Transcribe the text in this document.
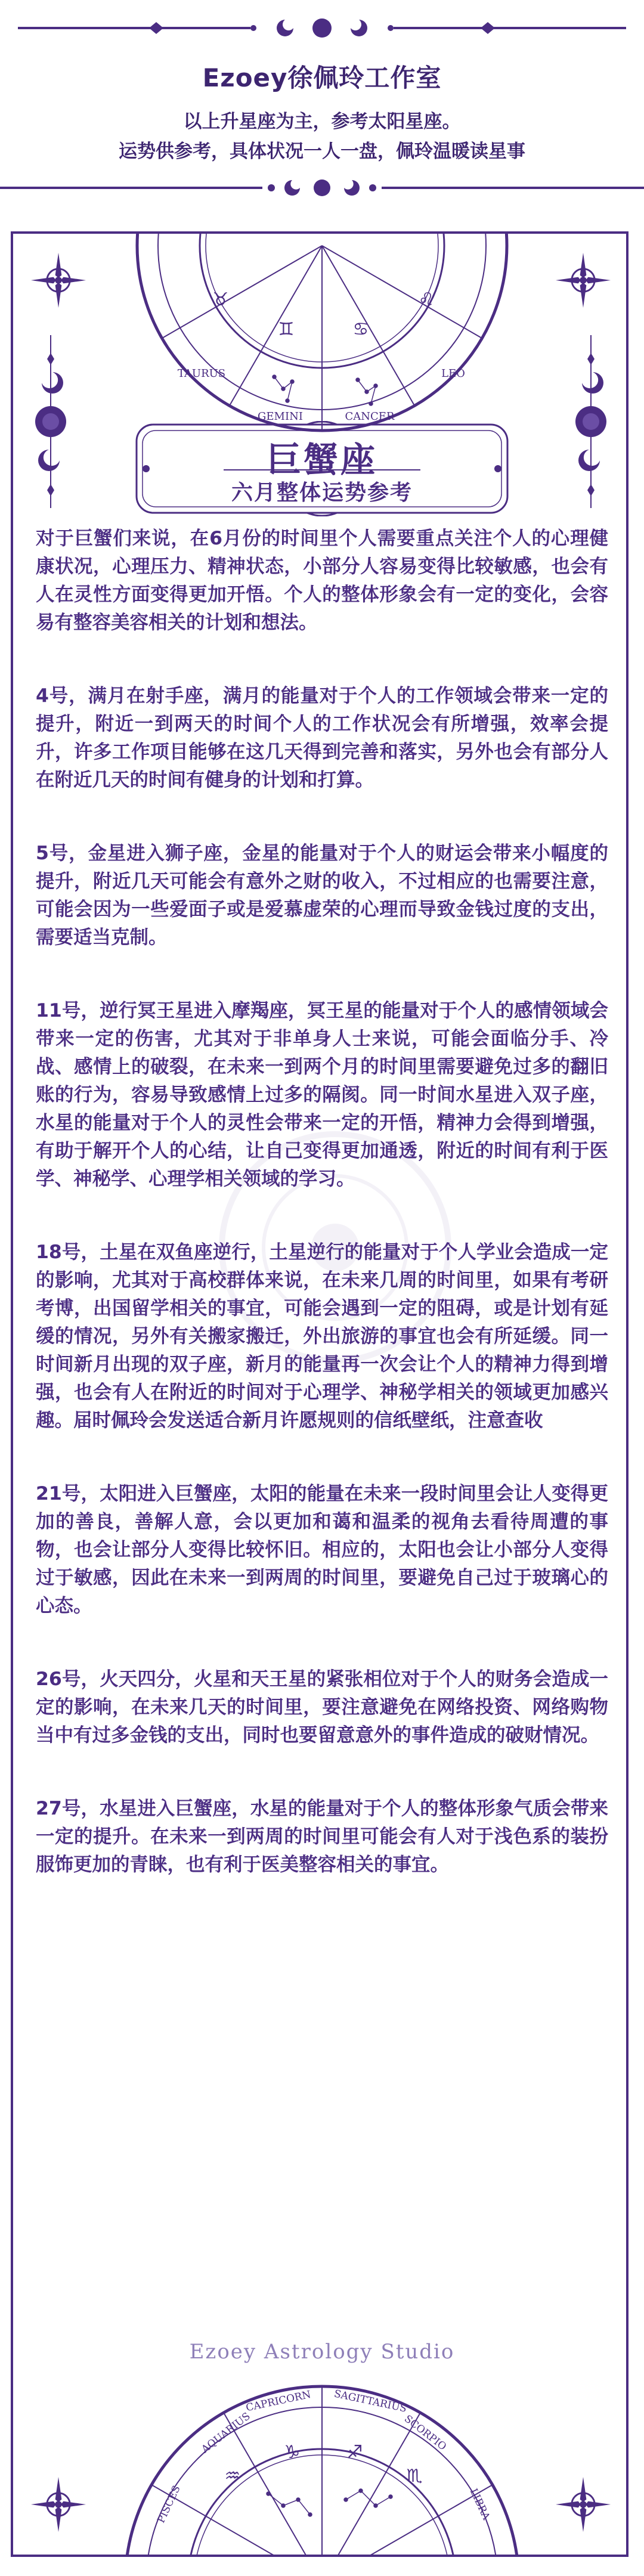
Ezoey徐佩玲工作室
以上升星座为主，参考太阳星座。
运势供参考，具体状况一人一盘，佩玲温暖读星事
GEMINI	CANCER
TAURUS	LEO
♊	♋
♉	♌
AQUARIUS
CAPRICORN SAGITTARIUS
SCORPIO
PISCES	LIBRA
♒
♑	♐
♏
巨蟹座
六月整体运势参考

对于巨蟹们来说，在6月份的时间里个人需要重点关注个人的心理健康状况，心理压力、精神状态，小部分人容易变得比较敏感，也会有人在灵性方面变得更加开悟。个人的整体形象会有一定的变化，会容易有整容美容相关的计划和想法。

4号，满月在射手座，满月的能量对于个人的工作领域会带来一定的提升，附近一到两天的时间个人的工作状况会有所增强，效率会提升，许多工作项目能够在这几天得到完善和落实，另外也会有部分人在附近几天的时间有健身的计划和打算。

5号，金星进入狮子座，金星的能量对于个人的财运会带来小幅度的提升，附近几天可能会有意外之财的收入，不过相应的也需要注意，可能会因为一些爱面子或是爱慕虚荣的心理而导致金钱过度的支出，需要适当克制。

11号，逆行冥王星进入摩羯座，冥王星的能量对于个人的感情领域会带来一定的伤害，尤其对于非单身人士来说，可能会面临分手、冷战、感情上的破裂，在未来一到两个月的时间里需要避免过多的翻旧账的行为，容易导致感情上过多的隔阂。同一时间水星进入双子座，水星的能量对于个人的灵性会带来一定的开悟，精神力会得到增强，有助于解开个人的心结，让自己变得更加通透，附近的时间有利于医学、神秘学、心理学相关领域的学习。

18号，土星在双鱼座逆行，土星逆行的能量对于个人学业会造成一定的影响，尤其对于高校群体来说，在未来几周的时间里，如果有考研考博，出国留学相关的事宜，可能会遇到一定的阻碍，或是计划有延缓的情况，另外有关搬家搬迁，外出旅游的事宜也会有所延缓。同一时间新月出现的双子座，新月的能量再一次会让个人的精神力得到增强，也会有人在附近的时间对于心理学、神秘学相关的领域更加感兴趣。届时佩玲会发送适合新月许愿规则的信纸壁纸，注意查收

21号，太阳进入巨蟹座，太阳的能量在未来一段时间里会让人变得更加的善良，善解人意，会以更加和蔼和温柔的视角去看待周遭的事物，也会让部分人变得比较怀旧。相应的，太阳也会让小部分人变得过于敏感，因此在未来一到两周的时间里，要避免自己过于玻璃心的心态。

26号，火天四分，火星和天王星的紧张相位对于个人的财务会造成一定的影响，在未来几天的时间里，要注意避免在网络投资、网络购物当中有过多金钱的支出，同时也要留意意外的事件造成的破财情况。

27号，水星进入巨蟹座，水星的能量对于个人的整体形象气质会带来一定的提升。在未来一到两周的时间里可能会有人对于浅色系的装扮服饰更加的青睐，也有利于医美整容相关的事宜。

Ezoey Astrology Studio
